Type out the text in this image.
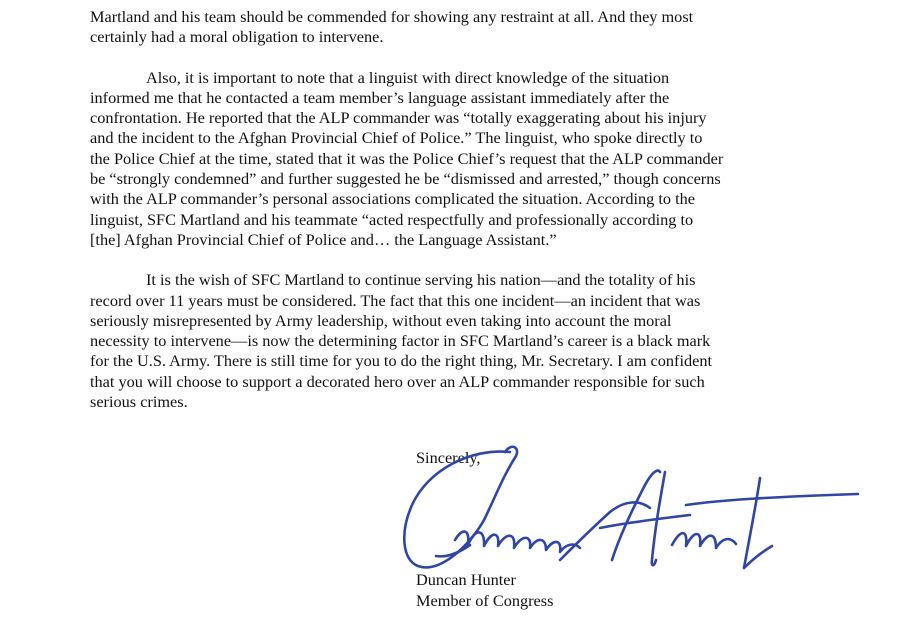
Martland and his team should be commended for showing any restraint at all. And they most
certainly had a moral obligation to intervene.
Also, it is important to note that a linguist with direct knowledge of the situation
informed me that he contacted a team member’s language assistant immediately after the
confrontation. He reported that the ALP commander was “totally exaggerating about his injury
and the incident to the Afghan Provincial Chief of Police.” The linguist, who spoke directly to
the Police Chief at the time, stated that it was the Police Chief’s request that the ALP commander
be “strongly condemned” and further suggested he be “dismissed and arrested,” though concerns
with the ALP commander’s personal associations complicated the situation. According to the
linguist, SFC Martland and his teammate “acted respectfully and professionally according to
[the] Afghan Provincial Chief of Police and… the Language Assistant.”
It is the wish of SFC Martland to continue serving his nation—and the totality of his
record over 11 years must be considered. The fact that this one incident—an incident that was
seriously misrepresented by Army leadership, without even taking into account the moral
necessity to intervene—is now the determining factor in SFC Martland’s career is a black mark
for the U.S. Army. There is still time for you to do the right thing, Mr. Secretary. I am confident
that you will choose to support a decorated hero over an ALP commander responsible for such
serious crimes.
Sincerely,
Duncan Hunter
Member of Congress
